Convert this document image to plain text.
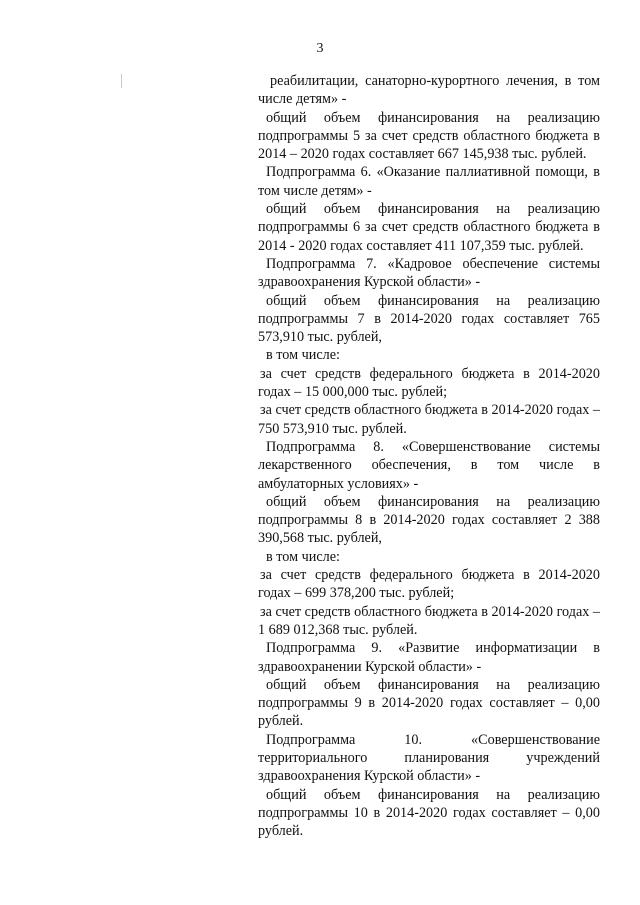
3

реабилитации, санаторно-курортного лечения, в том числе детям» -

общий объем финансирования на реализацию подпрограммы 5 за счет средств областного бюджета в 2014 – 2020 годах составляет 667 145,938 тыс. рублей.

Подпрограмма 6. «Оказание паллиативной помощи, в том числе детям» -

общий объем финансирования на реализацию подпрограммы 6 за счет средств областного бюджета в 2014 - 2020 годах составляет 411 107,359 тыс. рублей.

Подпрограмма 7. «Кадровое обеспечение системы здравоохранения Курской области» -

общий объем финансирования на реализацию подпрограммы 7 в 2014-2020 годах составляет 765 573,910 тыс. рублей,

в том числе:

за счет средств федерального бюджета в 2014-2020 годах – 15 000,000 тыс. рублей;

за счет средств областного бюджета в 2014-2020 годах – 750 573,910 тыс. рублей.

Подпрограмма 8. «Совершенствование системы лекарственного обеспечения, в том числе в амбулаторных условиях» -

общий объем финансирования на реализацию подпрограммы 8 в 2014-2020 годах составляет 2 388 390,568 тыс. рублей,

в том числе:

за счет средств федерального бюджета в 2014-2020 годах – 699 378,200 тыс. рублей;

за счет средств областного бюджета в 2014-2020 годах – 1 689 012,368 тыс. рублей.

Подпрограмма 9. «Развитие информатизации в здравоохранении Курской области» -

общий объем финансирования на реализацию подпрограммы 9 в 2014-2020 годах составляет – 0,00 рублей.

Подпрограмма 10. «Совершенствование территориального планирования учреждений здравоохранения Курской области» -

общий объем финансирования на реализацию подпрограммы 10 в 2014-2020 годах составляет – 0,00 рублей.
